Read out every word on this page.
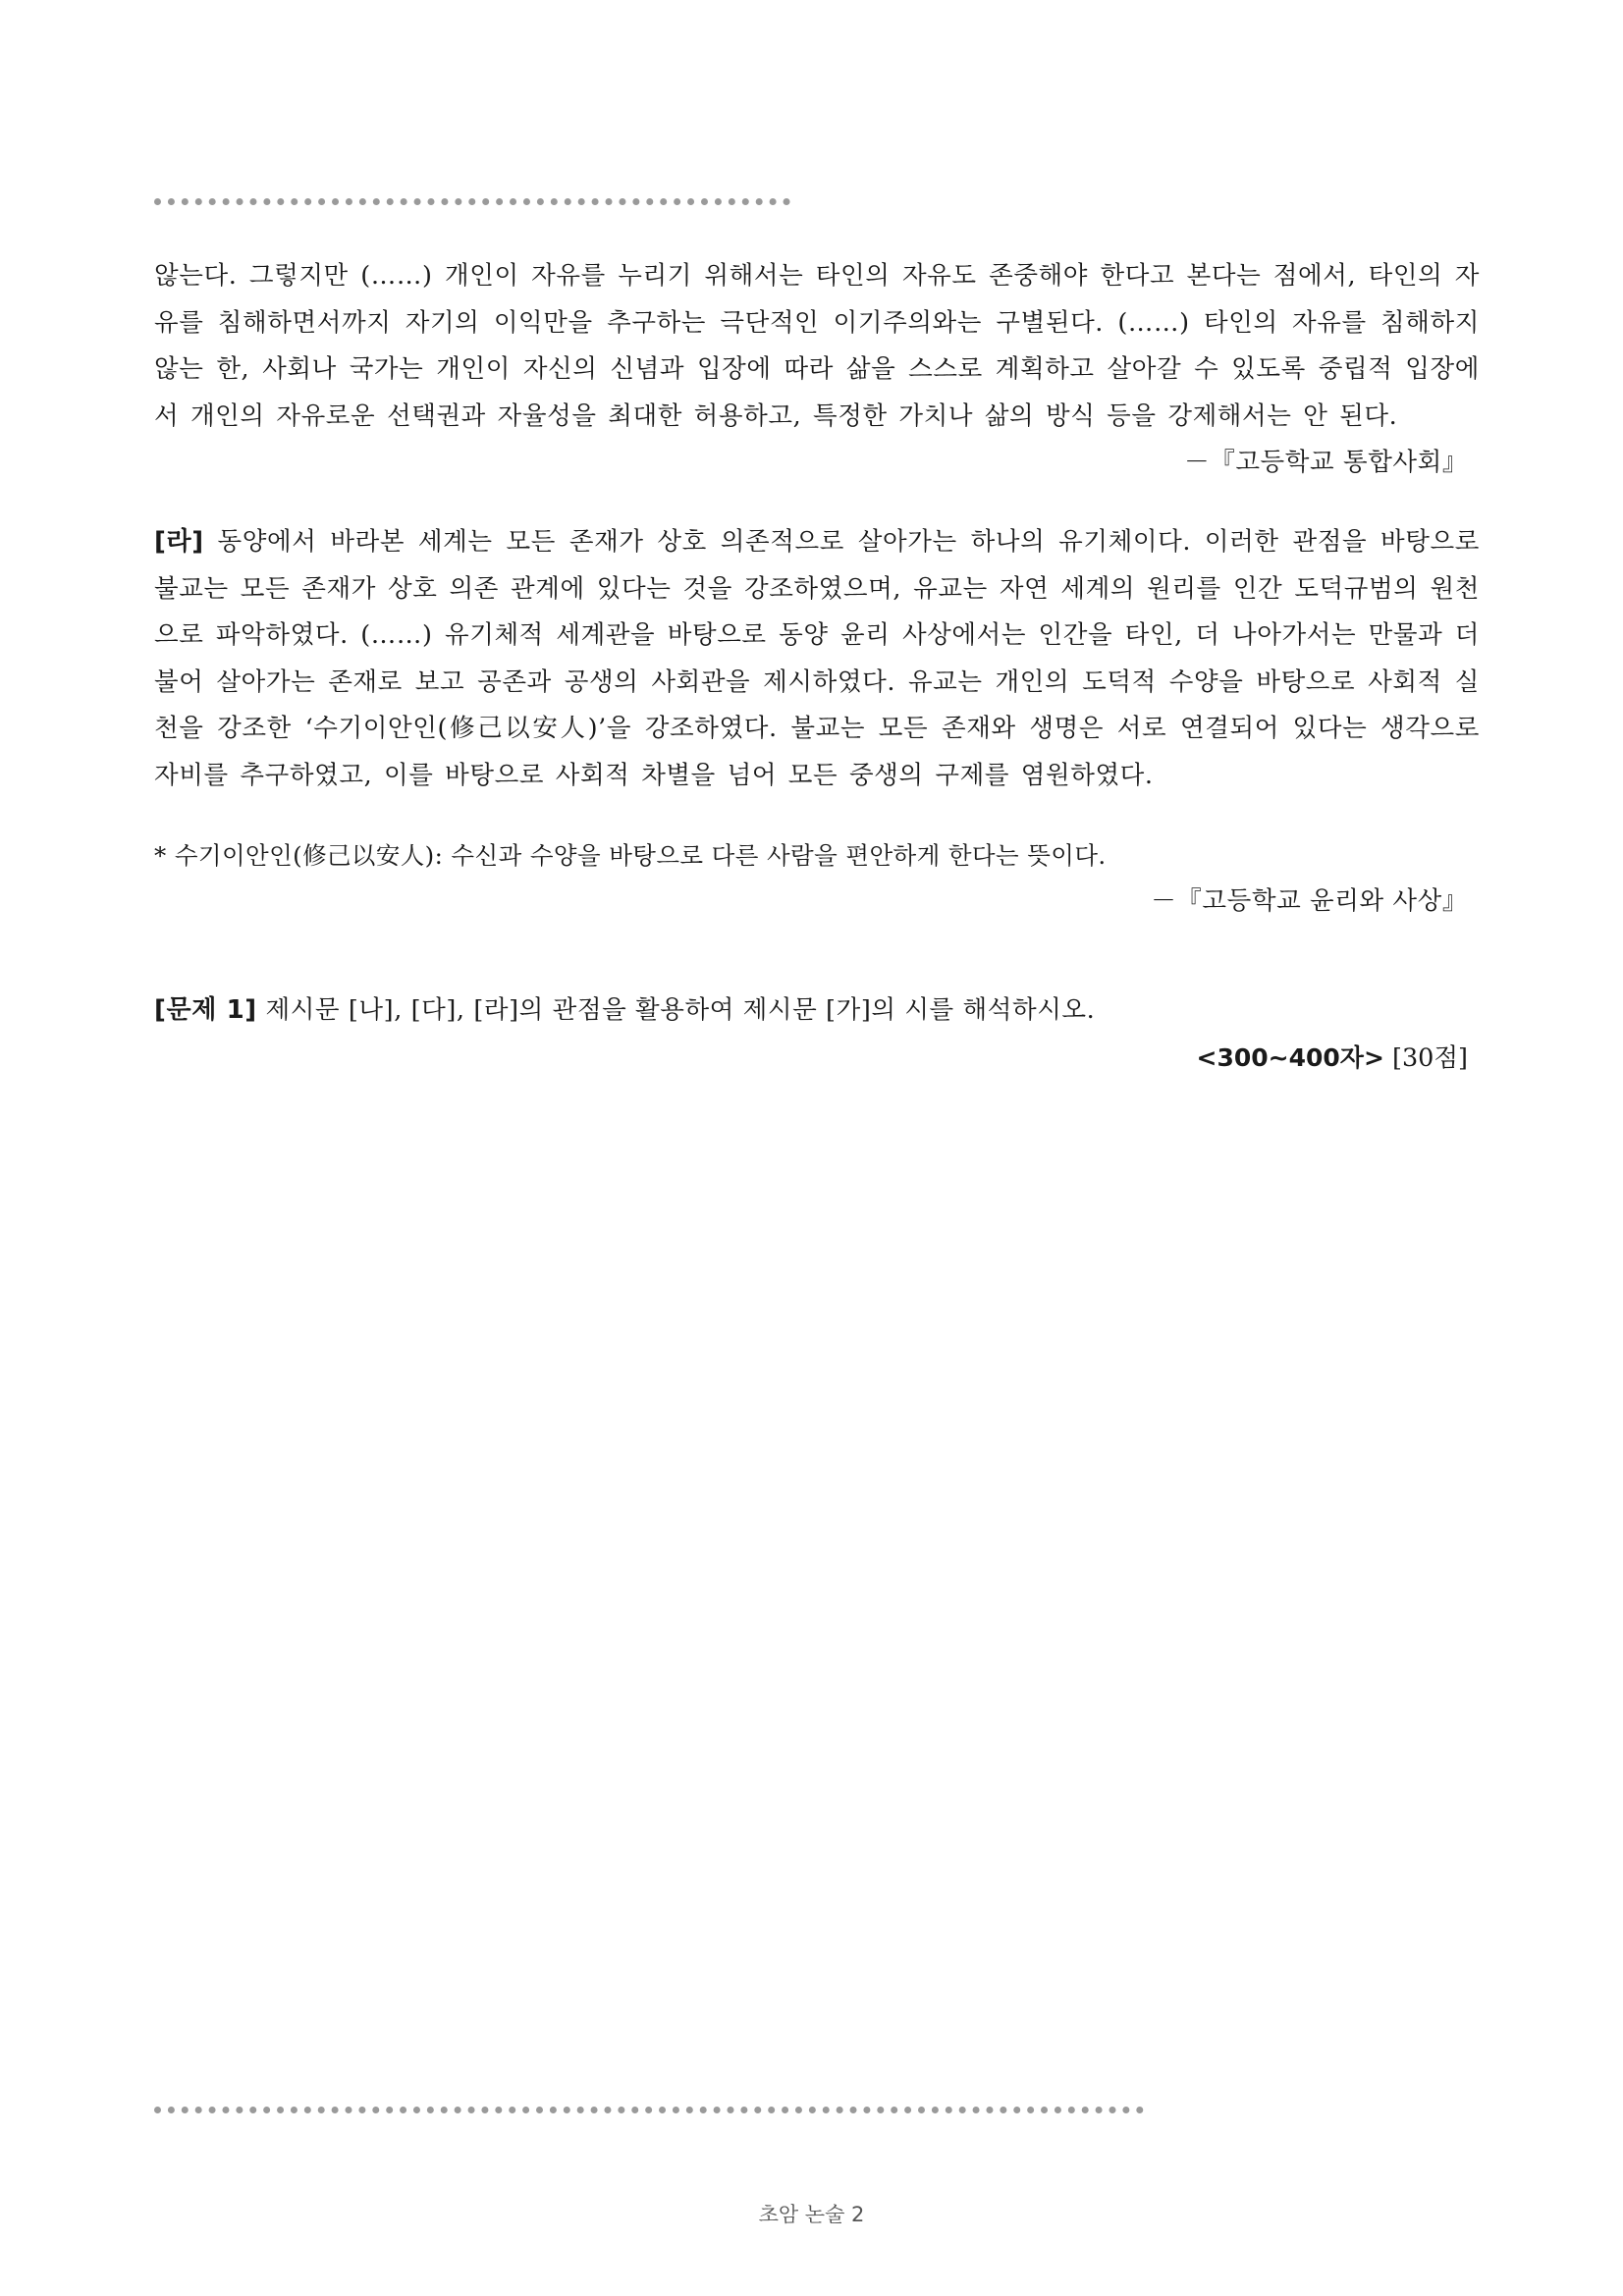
않는다. 그렇지만 (……) 개인이 자유를 누리기 위해서는 타인의 자유도 존중해야 한다고 본다는 점에서, 타인의 자유를 침해하면서까지 자기의 이익만을 추구하는 극단적인 이기주의와는 구별된다. (……) 타인의 자유를 침해하지 않는 한, 사회나 국가는 개인이 자신의 신념과 입장에 따라 삶을 스스로 계획하고 살아갈 수 있도록 중립적 입장에서 개인의 자유로운 선택권과 자율성을 최대한 허용하고, 특정한 가치나 삶의 방식 등을 강제해서는 안 된다.

－『고등학교 통합사회』

[라] 동양에서 바라본 세계는 모든 존재가 상호 의존적으로 살아가는 하나의 유기체이다. 이러한 관점을 바탕으로 불교는 모든 존재가 상호 의존 관계에 있다는 것을 강조하였으며, 유교는 자연 세계의 원리를 인간 도덕규범의 원천으로 파악하였다. (……) 유기체적 세계관을 바탕으로 동양 윤리 사상에서는 인간을 타인, 더 나아가서는 만물과 더불어 살아가는 존재로 보고 공존과 공생의 사회관을 제시하였다. 유교는 개인의 도덕적 수양을 바탕으로 사회적 실천을 강조한 ‘수기이안인(修己以安人)’을 강조하였다. 불교는 모든 존재와 생명은 서로 연결되어 있다는 생각으로 자비를 추구하였고, 이를 바탕으로 사회적 차별을 넘어 모든 중생의 구제를 염원하였다.

* 수기이안인(修己以安人): 수신과 수양을 바탕으로 다른 사람을 편안하게 한다는 뜻이다.

－『고등학교 윤리와 사상』

[문제 1] 제시문 [나], [다], [라]의 관점을 활용하여 제시문 [가]의 시를 해석하시오.

<300~400자> [30점]

초암 논술 2
